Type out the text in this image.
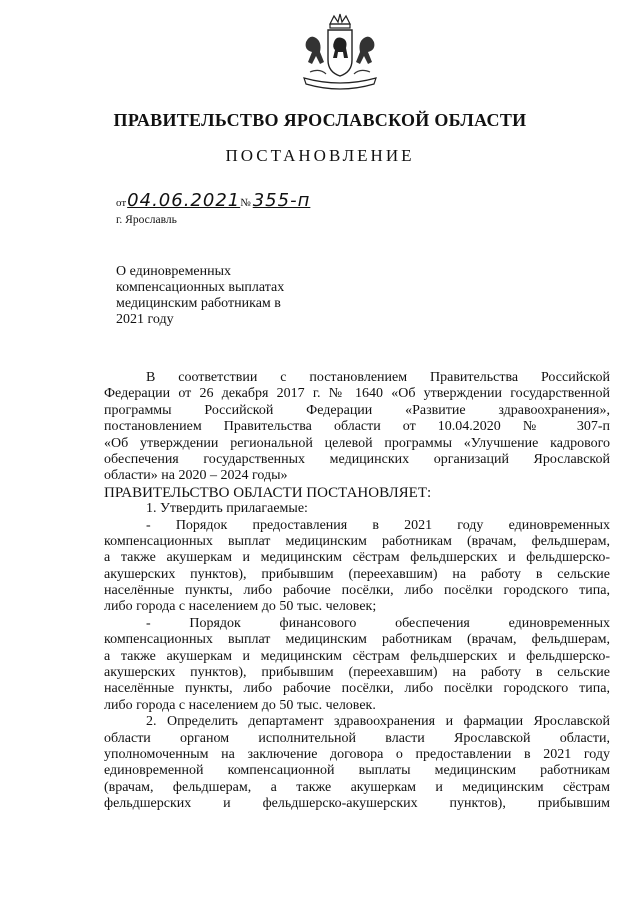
ПРАВИТЕЛЬСТВО ЯРОСЛАВСКОЙ ОБЛАСТИ
ПОСТАНОВЛЕНИЕ
от04.06.2021№ 355-п
г. Ярославль
О единовременных
компенсационных выплатах
медицинским работникам в
2021 году
В соответствии с постановлением Правительства Российской
Федерации от 26 декабря 2017 г. № 1640 «Об утверждении государственной
программы Российской Федерации «Развитие здравоохранения»,
постановлением Правительства области от 10.04.2020 № 307-п
«Об утверждении региональной целевой программы «Улучшение кадрового
обеспечения государственных медицинских организаций Ярославской
области» на 2020 – 2024 годы»
ПРАВИТЕЛЬСТВО ОБЛАСТИ ПОСТАНОВЛЯЕТ:
1. Утвердить прилагаемые:
- Порядок предоставления в 2021 году единовременных
компенсационных выплат медицинским работникам (врачам, фельдшерам,
а также акушеркам и медицинским сёстрам фельдшерских и фельдшерско-
акушерских пунктов), прибывшим (переехавшим) на работу в сельские
населённые пункты, либо рабочие посёлки, либо посёлки городского типа,
либо города с населением до 50 тыс. человек;
- Порядок финансового обеспечения единовременных
компенсационных выплат медицинским работникам (врачам, фельдшерам,
а также акушеркам и медицинским сёстрам фельдшерских и фельдшерско-
акушерских пунктов), прибывшим (переехавшим) на работу в сельские
населённые пункты, либо рабочие посёлки, либо посёлки городского типа,
либо города с населением до 50 тыс. человек.
2. Определить департамент здравоохранения и фармации Ярославской
области органом исполнительной власти Ярославской области,
уполномоченным на заключение договора о предоставлении в 2021 году
единовременной компенсационной выплаты медицинским работникам
(врачам, фельдшерам, а также акушеркам и медицинским сёстрам
фельдшерских и фельдшерско-акушерских пунктов), прибывшим
